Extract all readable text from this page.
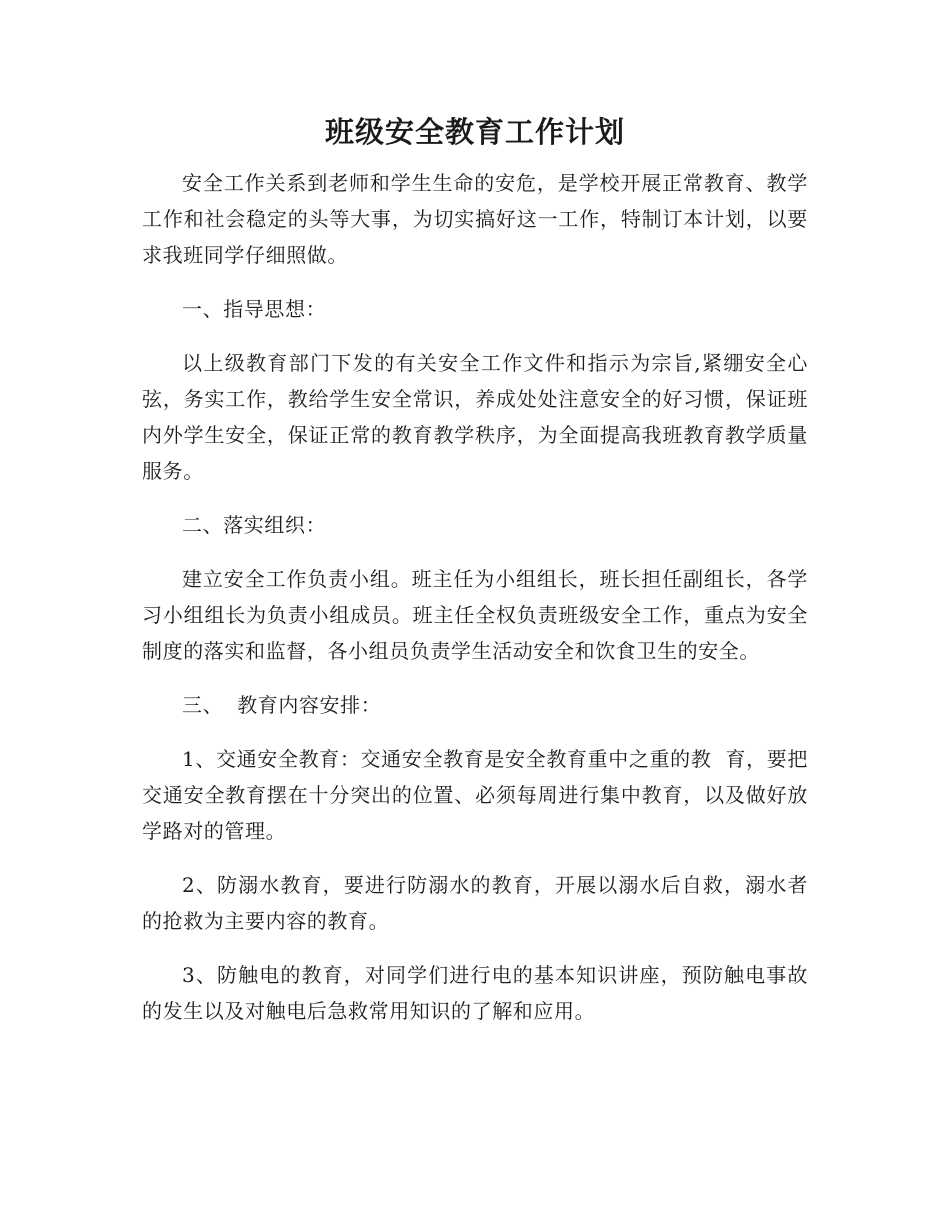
班级安全教育工作计划

安全工作关系到老师和学生生命的安危，是学校开展正常教育、教学工作和社会稳定的头等大事，为切实搞好这一工作，特制订本计划，以要求我班同学仔细照做。

一、指导思想：

以上级教育部门下发的有关安全工作文件和指示为宗旨,紧绷安全心弦，务实工作，教给学生安全常识，养成处处注意安全的好习惯，保证班内外学生安全，保证正常的教育教学秩序，为全面提高我班教育教学质量服务。

二、落实组织：

建立安全工作负责小组。班主任为小组组长，班长担任副组长，各学习小组组长为负责小组成员。班主任全权负责班级安全工作，重点为安全制度的落实和监督，各小组员负责学生活动安全和饮食卫生的安全。

三、  教育内容安排：

1、交通安全教育：交通安全教育是安全教育重中之重的教  育，要把交通安全教育摆在十分突出的位置、必须每周进行集中教育，以及做好放学路对的管理。

2、防溺水教育，要进行防溺水的教育，开展以溺水后自救，溺水者的抢救为主要内容的教育。

3、防触电的教育，对同学们进行电的基本知识讲座，预防触电事故的发生以及对触电后急救常用知识的了解和应用。
